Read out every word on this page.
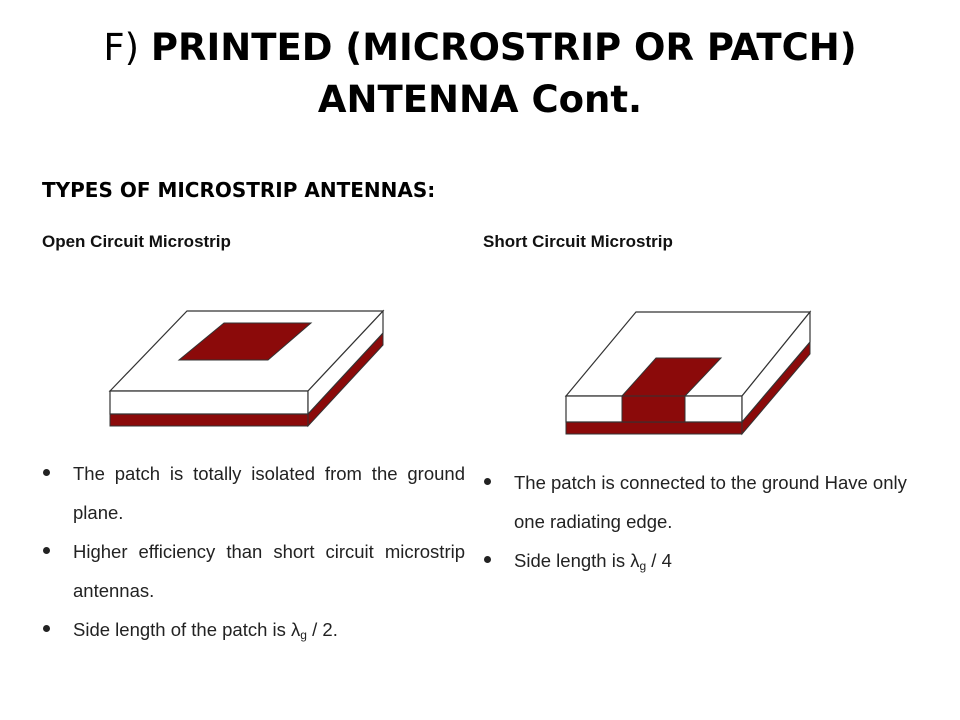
F) PRINTED (MICROSTRIP OR PATCH)
ANTENNA Cont.
TYPES OF MICROSTRIP ANTENNAS:
Open Circuit Microstrip
The patch is totally isolated from the ground plane.
Higher efficiency than short circuit microstrip antennas.
Side length of the patch is $\lambda_g / 2$.
Short Circuit Microstrip
The patch is connected to the ground Have only one radiating edge.
Side length is $\lambda_g / 4$
